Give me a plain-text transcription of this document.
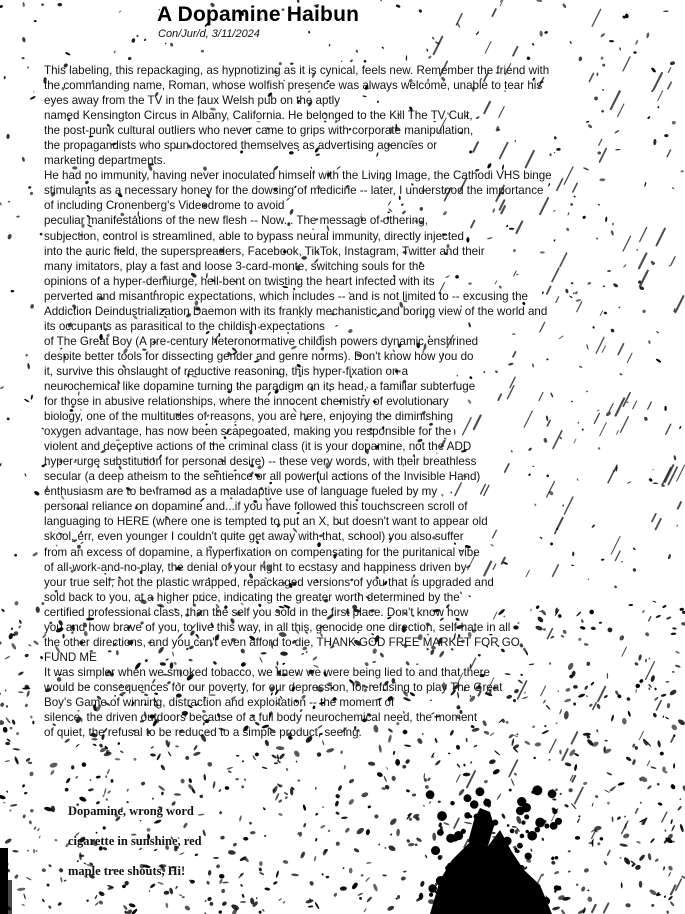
A Dopamine Haibun
Con/Jur/d, 3/11/2024
This labeling, this repackaging, as hypnotizing as it is cynical, feels new. Remember the friend with
the commanding name, Roman, whose wolfish presence was always welcome, unable to tear his
eyes away from the TV in the faux Welsh pub on the aptly
named Kensington Circus in Albany, California. He belonged to the Kill The TV Cult,
the post-punk cultural outliers who never came to grips with corporate manipulation,
the propagandists who spun doctored themselves as advertising agencies or
marketing departments.
He had no immunity, having never inoculated himself with the Living Image, the Cathodi VHS binge
stimulants as a necessary honey for the dowsing of medicine -- later, I understood the importance
of including Cronenberg's Videodrome to avoid
peculiar manifestations of the new flesh -- Now... The message of othering,
subjection, control is streamlined, able to bypass neural immunity, directly injected
into the auric field, the superspreaders, Facebook, TikTok, Instagram, Twitter and their
many imitators, play a fast and loose 3-card-monte, switching souls for the
opinions of a hyper-demiurge, hell-bent on twisting the heart infected with its
perverted and misanthropic expectations, which includes -- and is not limited to -- excusing the
Addiction Deindustrialization Daemon with its frankly mechanistic and boring view of the world and
its occupants as parasitical to the childish expectations
of The Great Boy (A pre-century heteronormative childish powers dynamic enshrined
despite better tools for dissecting gender and genre norms). Don't know how you do
it, survive this onslaught of reductive reasoning, this hyper-fixation on a
neurochemical like dopamine turning the paradigm on its head, a familiar subterfuge
for those in abusive relationships, where the innocent chemistry of evolutionary
biology, one of the multitudes of reasons, you are here, enjoying the diminishing
oxygen advantage, has now been scapegoated, making you responsible for the
violent and deceptive actions of the criminal class (it is your dopamine, not the ADD
hyper-urge substitution for personal desire) -- these very words, with their breathless
secular (a deep atheism to the sentience or all powerful actions of the Invisible Hand)
enthusiasm are to be framed as a maladaptive use of language fueled by my
personal reliance on dopamine and...if you have followed this touchscreen scroll of
languaging to HERE (where one is tempted to put an X, but doesn't want to appear old
skool, err, even younger I couldn't quite get away with that, school) you also suffer
from an excess of dopamine, a hyperfixation on compensating for the puritanical vibe
of all-work-and-no-play, the denial of your right to ecstasy and happiness driven by
your true self, not the plastic wrapped, repackaged versions of you that is upgraded and
sold back to you, at a higher price, indicating the greater worth determined by the
certified professional class, than the self you sold in the first place. Don't know how
you and how brave of you, to live this way, in all this, genocide one direction, self-hate in all
the other directions, and you can't even afford to die, THANK GOD FREE MARKET FOR GO
FUND ME
It was simpler when we smoked tobacco, we knew we were being lied to and that there
would be consequences for our poverty, for our depression, for refusing to play The Great
Boy's Game of winning, distraction and exploitation -- the moment of
silence, the driven outdoors because of a full body neurochemical need, the moment
of quiet, the refusal to be reduced to a simple product, seeing.
Dopamine, wrong word
cigarette in sunshine, red
maple tree shouts, Hi!
